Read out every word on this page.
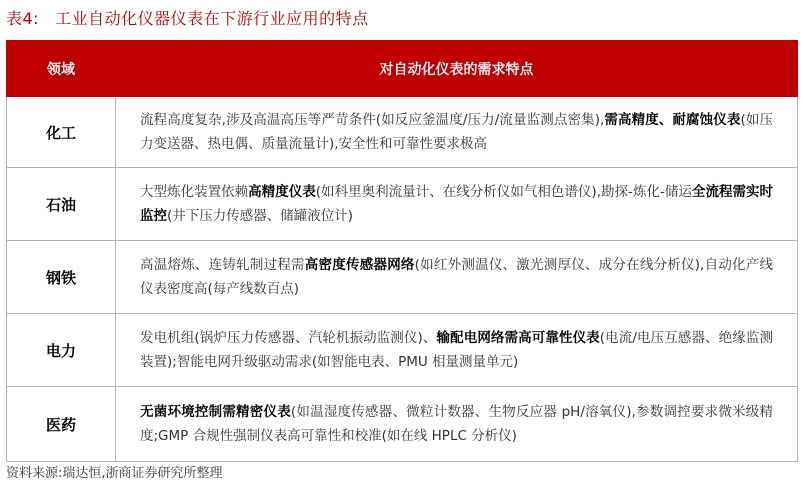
表4: 工业自动化仪器仪表在下游行业应用的特点
领域	对自动化仪表的需求特点
化工	流程高度复杂,涉及高温高压等严苛条件(如反应釜温度/压力/流量监测点密集),需高精度、耐腐蚀仪表(如压力变送器、热电偶、质量流量计),安全性和可靠性要求极高
石油	大型炼化装置依赖高精度仪表(如科里奥利流量计、在线分析仪如气相色谱仪),勘探-炼化-储运全流程需实时监控(井下压力传感器、储罐液位计)
钢铁	高温熔炼、连铸轧制过程需高密度传感器网络(如红外测温仪、激光测厚仪、成分在线分析仪),自动化产线仪表密度高(每产线数百点)
电力	发电机组(锅炉压力传感器、汽轮机振动监测仪)、输配电网络需高可靠性仪表(电流/电压互感器、绝缘监测装置);智能电网升级驱动需求(如智能电表、PMU 相量测量单元)
医药	无菌环境控制需精密仪表(如温湿度传感器、微粒计数器、生物反应器 pH/溶氧仪),参数调控要求微米级精度;GMP 合规性强制仪表高可靠性和校准(如在线 HPLC 分析仪)
资料来源:瑞达恒,浙商证券研究所整理
